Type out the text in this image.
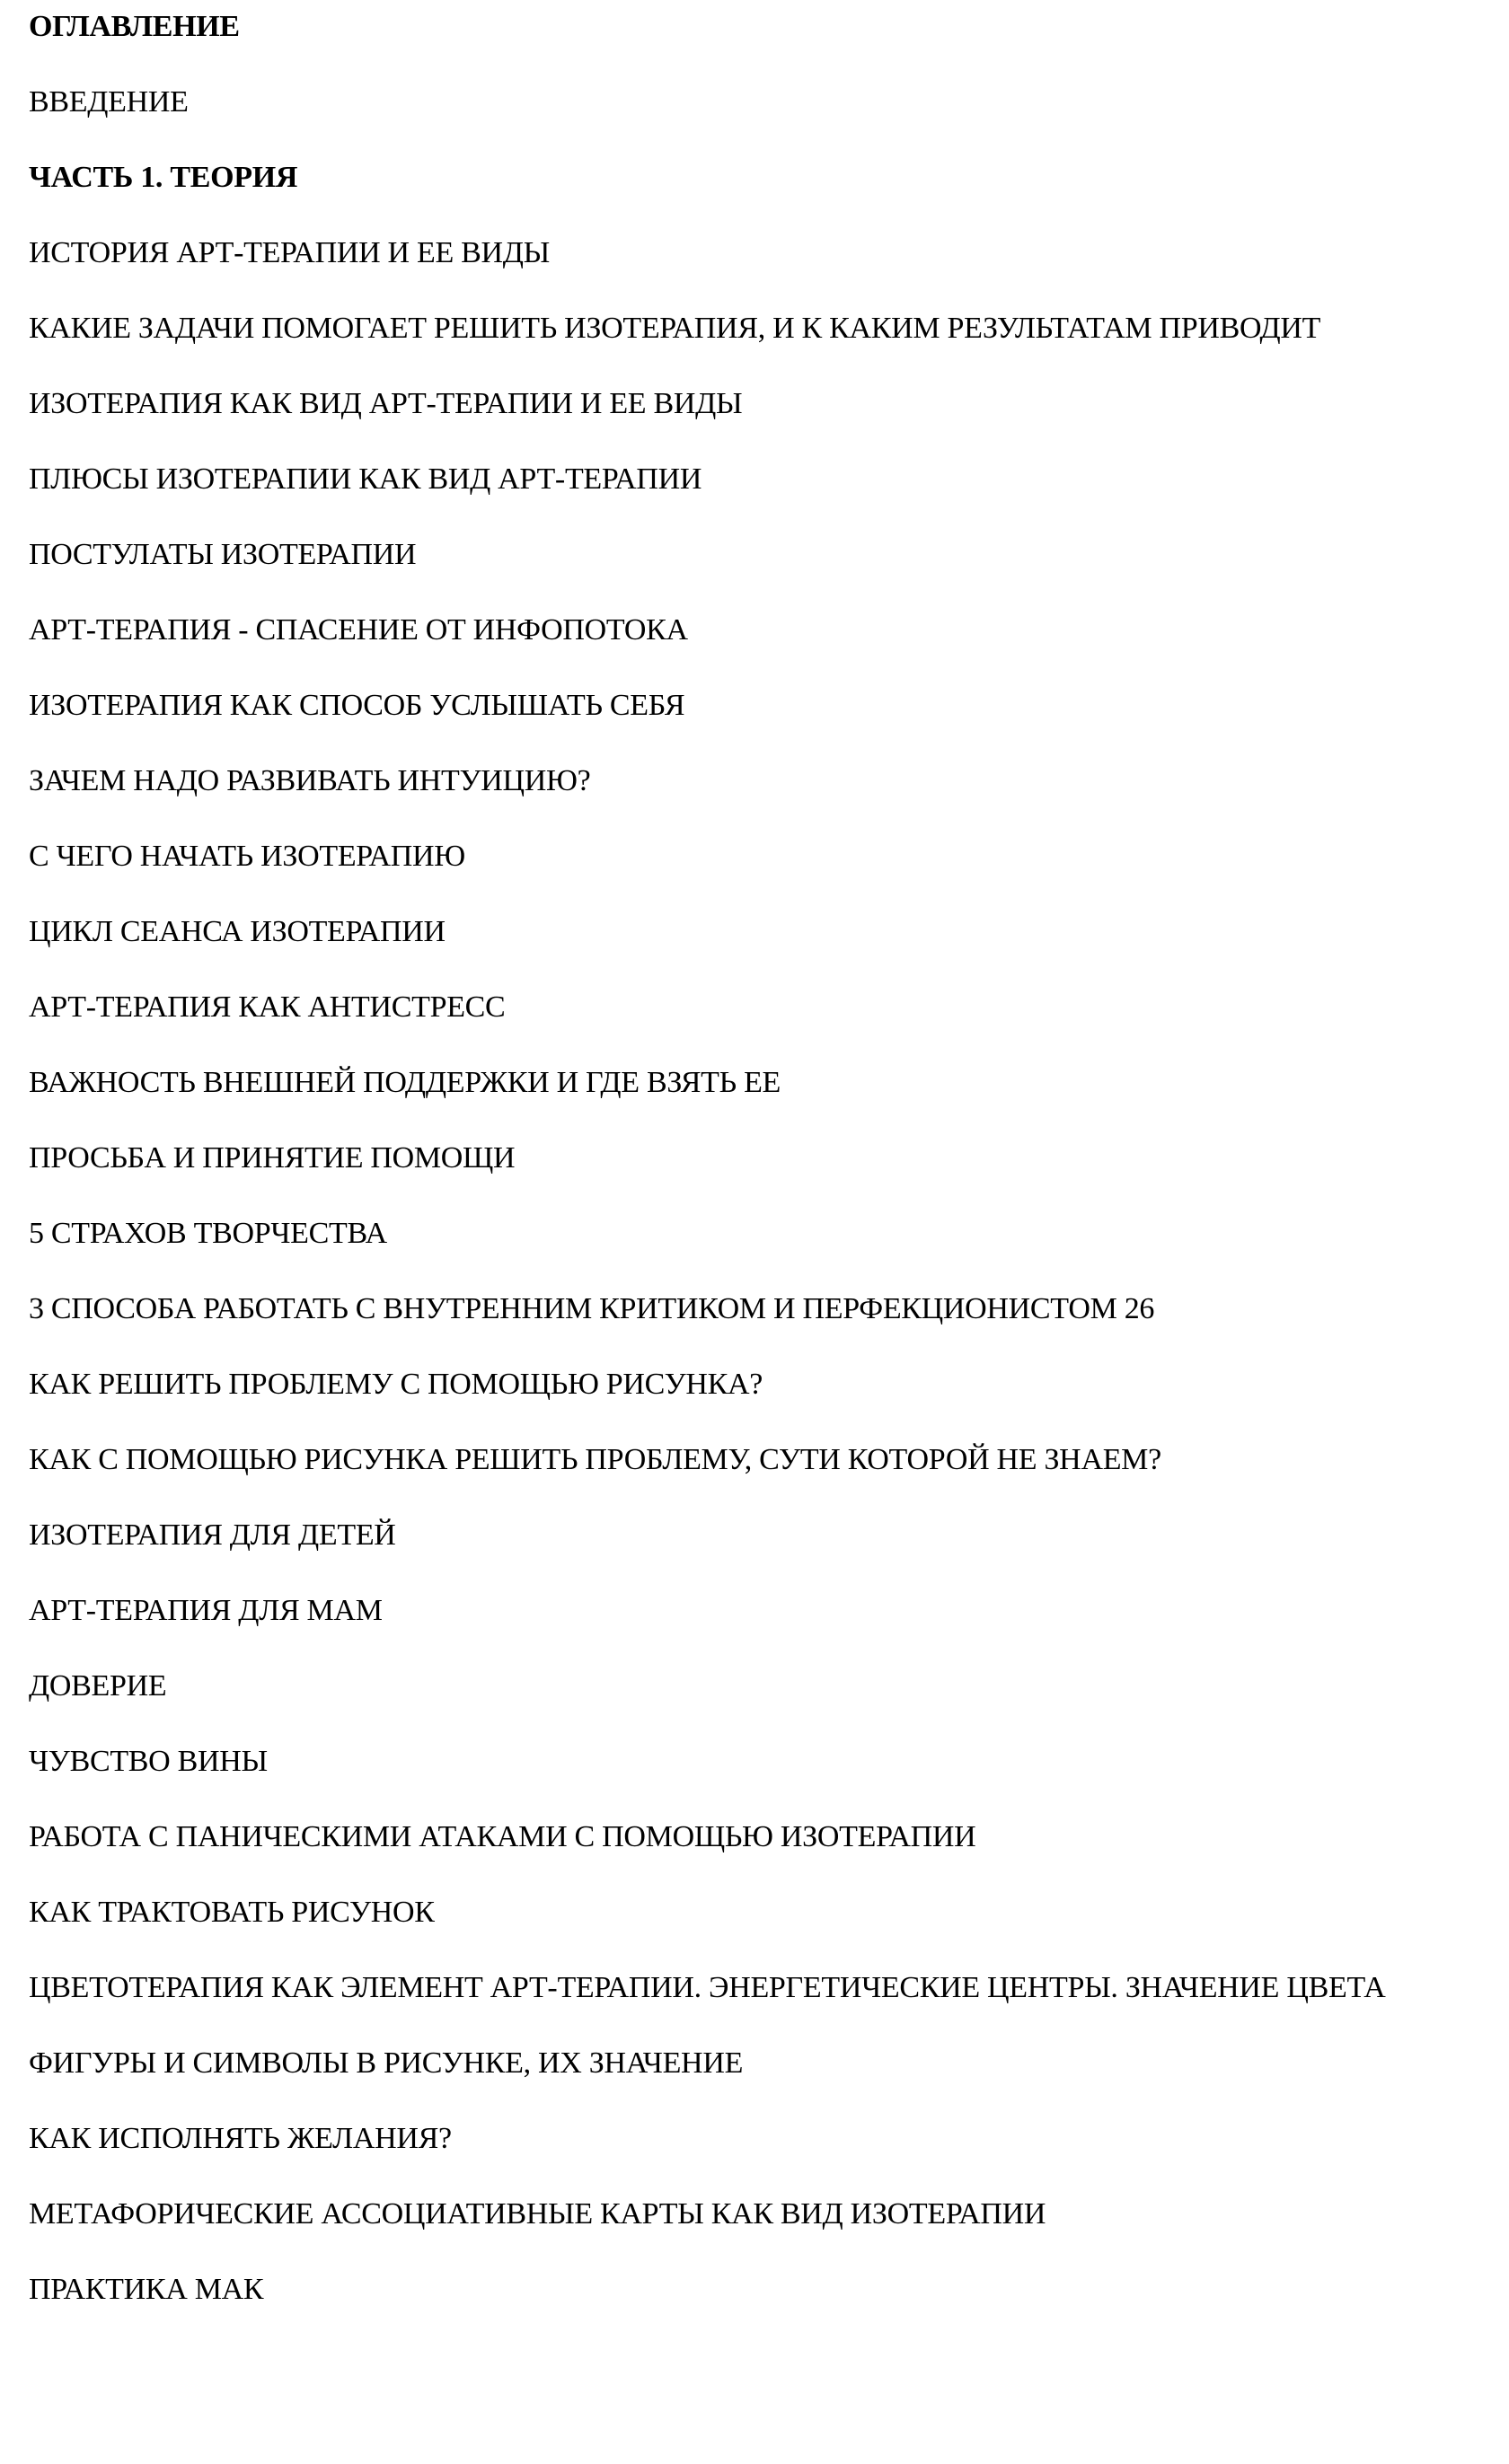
ОГЛАВЛЕНИЕ
ВВЕДЕНИЕ
ЧАСТЬ 1. ТЕОРИЯ
ИСТОРИЯ АРТ-ТЕРАПИИ И ЕЕ ВИДЫ
КАКИЕ ЗАДАЧИ ПОМОГАЕТ РЕШИТЬ ИЗОТЕРАПИЯ, И К КАКИМ РЕЗУЛЬТАТАМ ПРИВОДИТ
ИЗОТЕРАПИЯ КАК ВИД АРТ-ТЕРАПИИ И ЕЕ ВИДЫ
ПЛЮСЫ ИЗОТЕРАПИИ КАК ВИД АРТ-ТЕРАПИИ
ПОСТУЛАТЫ ИЗОТЕРАПИИ
АРТ-ТЕРАПИЯ - СПАСЕНИЕ ОТ ИНФОПОТОКА
ИЗОТЕРАПИЯ КАК СПОСОБ УСЛЫШАТЬ СЕБЯ
ЗАЧЕМ НАДО РАЗВИВАТЬ ИНТУИЦИЮ?
С ЧЕГО НАЧАТЬ ИЗОТЕРАПИЮ
ЦИКЛ СЕАНСА ИЗОТЕРАПИИ
АРТ-ТЕРАПИЯ КАК АНТИСТРЕСС
ВАЖНОСТЬ ВНЕШНЕЙ ПОДДЕРЖКИ И ГДЕ ВЗЯТЬ ЕЕ
ПРОСЬБА И ПРИНЯТИЕ ПОМОЩИ
5 СТРАХОВ ТВОРЧЕСТВА
3 СПОСОБА РАБОТАТЬ С ВНУТРЕННИМ КРИТИКОМ И ПЕРФЕКЦИОНИСТОМ 26
КАК РЕШИТЬ ПРОБЛЕМУ С ПОМОЩЬЮ РИСУНКА?
КАК С ПОМОЩЬЮ РИСУНКА РЕШИТЬ ПРОБЛЕМУ, СУТИ КОТОРОЙ НЕ ЗНАЕМ?
ИЗОТЕРАПИЯ ДЛЯ ДЕТЕЙ
АРТ-ТЕРАПИЯ ДЛЯ МАМ
ДОВЕРИЕ
ЧУВСТВО ВИНЫ
РАБОТА С ПАНИЧЕСКИМИ АТАКАМИ С ПОМОЩЬЮ ИЗОТЕРАПИИ
КАК ТРАКТОВАТЬ РИСУНОК
ЦВЕТОТЕРАПИЯ КАК ЭЛЕМЕНТ АРТ-ТЕРАПИИ. ЭНЕРГЕТИЧЕСКИЕ ЦЕНТРЫ. ЗНАЧЕНИЕ ЦВЕТА
ФИГУРЫ И СИМВОЛЫ В РИСУНКЕ, ИХ ЗНАЧЕНИЕ
КАК ИСПОЛНЯТЬ ЖЕЛАНИЯ?
МЕТАФОРИЧЕСКИЕ АССОЦИАТИВНЫЕ КАРТЫ КАК ВИД ИЗОТЕРАПИИ
ПРАКТИКА МАК
